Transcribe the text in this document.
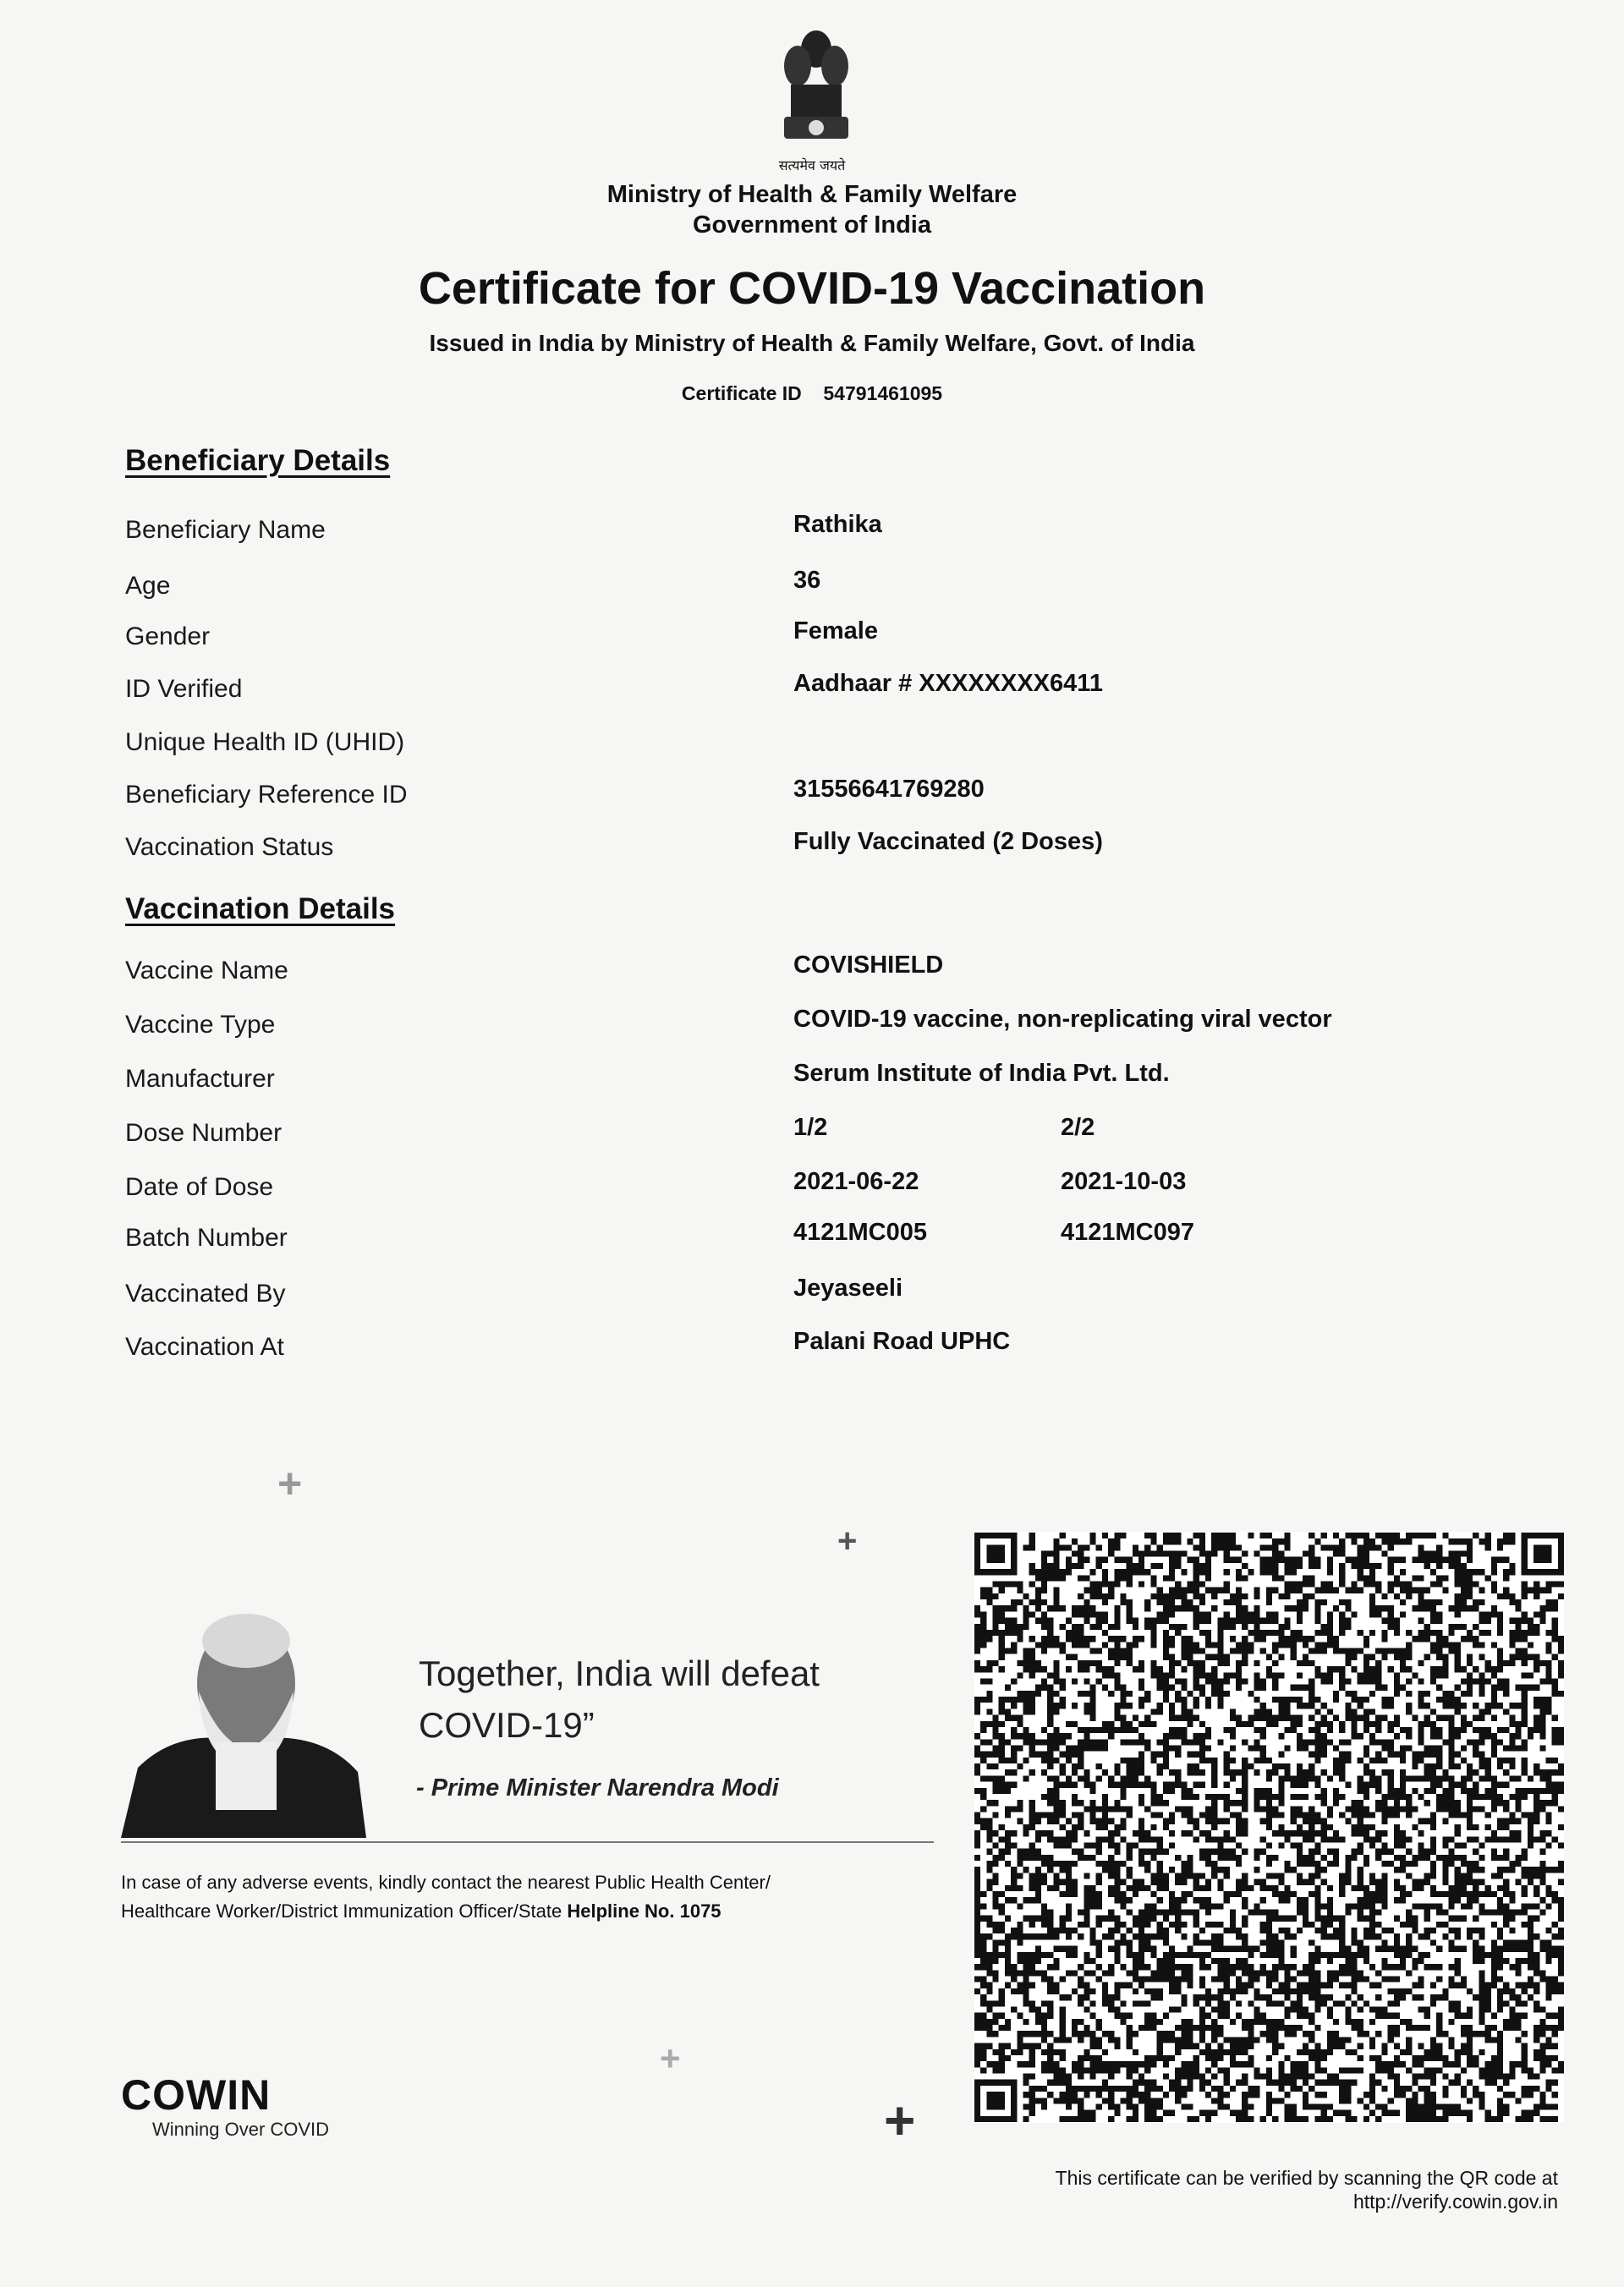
सत्यमेव जयते
Ministry of Health & Family Welfare
Government of India
Certificate for COVID-19 Vaccination
Issued in India by Ministry of Health & Family Welfare, Govt. of India
Certificate ID 54791461095
Beneficiary Details
Beneficiary Name	Rathika
Age	36
Gender	Female
ID Verified	Aadhaar # XXXXXXXX6411
Unique Health ID (UHID)
Beneficiary Reference ID	31556641769280
Vaccination Status	Fully Vaccinated (2 Doses)
Vaccination Details
Vaccine Name	COVISHIELD
Vaccine Type	COVID-19 vaccine, non-replicating viral vector
Manufacturer	Serum Institute of India Pvt. Ltd.
Dose Number	1/2	2/2
Date of Dose	2021-06-22	2021-10-03
Batch Number	4121MC005	4121MC097
Vaccinated By	Jeyaseeli
Vaccination At	Palani Road UPHC
+
+
+
+
Together, India will defeat
COVID-19”
- Prime Minister Narendra Modi
In case of any adverse events, kindly contact the nearest Public Health Center/
Healthcare Worker/District Immunization Officer/State Helpline No. 1075
COWIN
Winning Over COVID
This certificate can be verified by scanning the QR code at
http://verify.cowin.gov.in
